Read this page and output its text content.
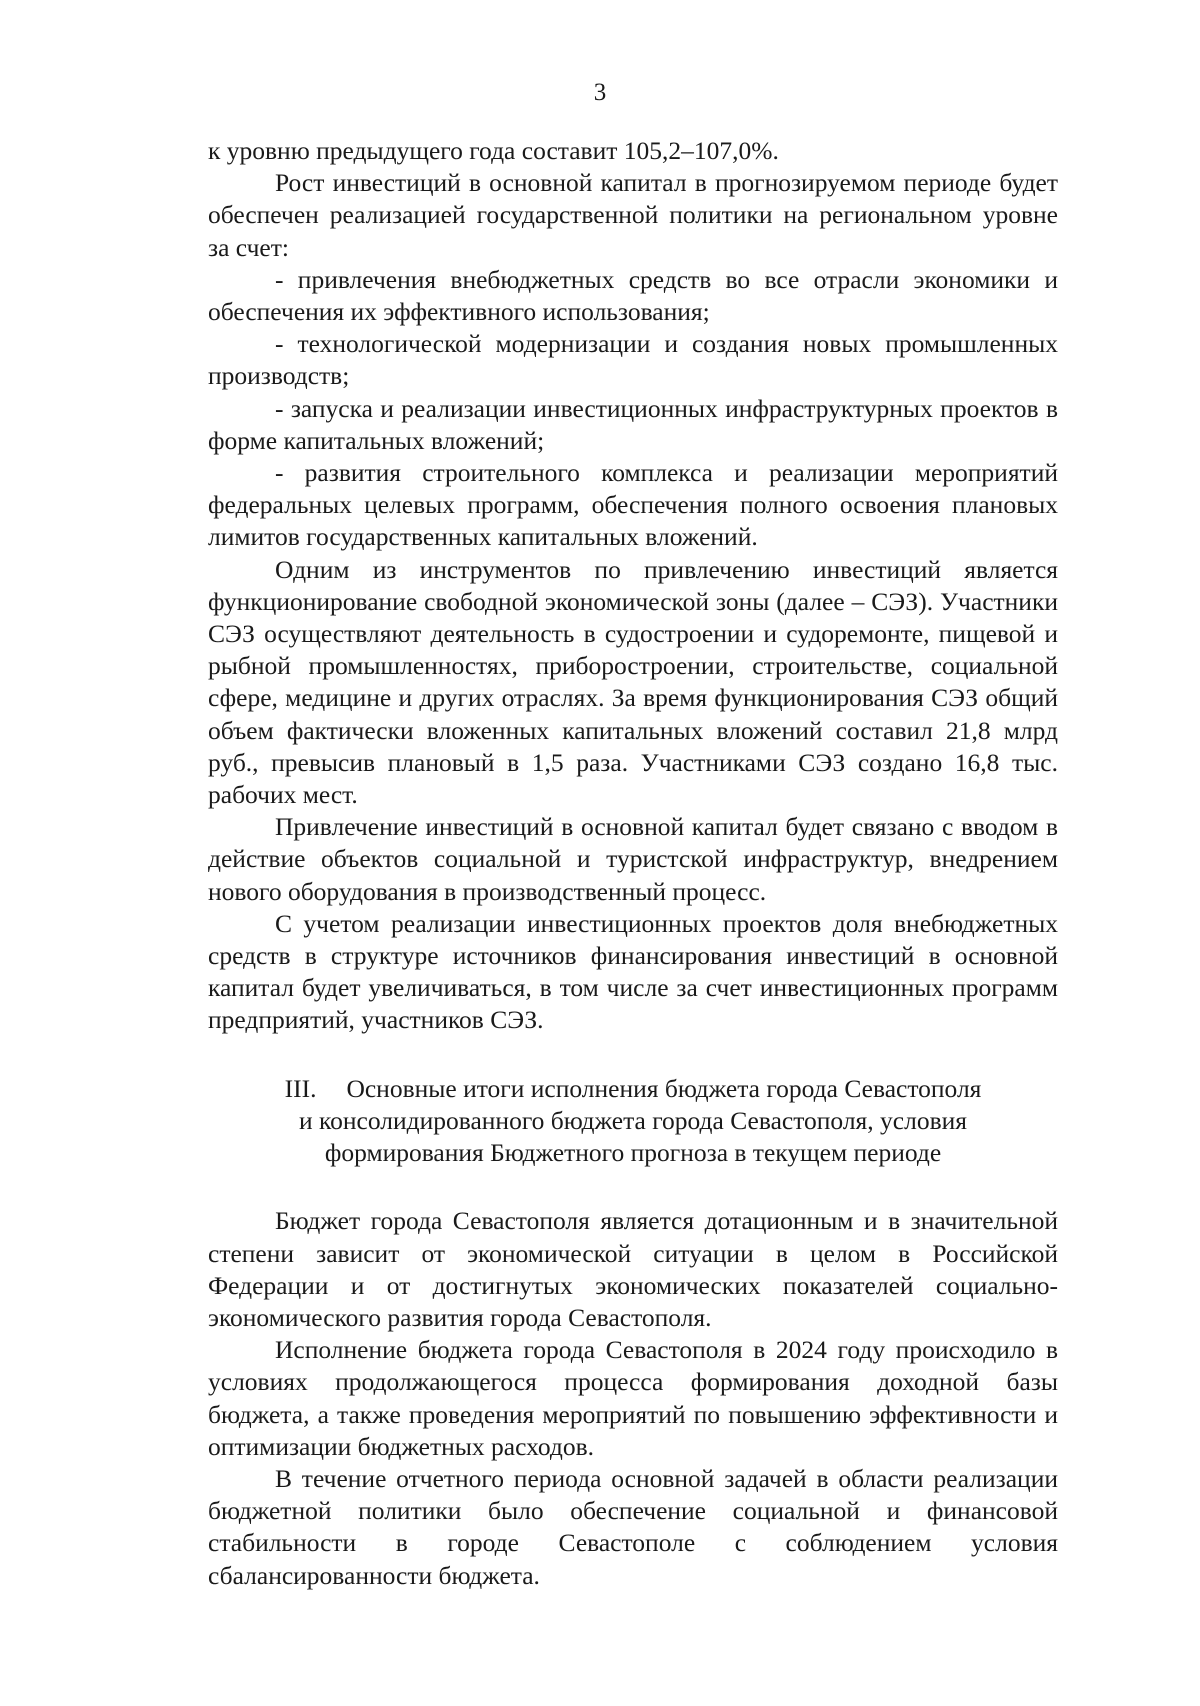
3

к уровню предыдущего года составит 105,2–107,0%.

Рост инвестиций в основной капитал в прогнозируемом периоде будет обеспечен реализацией государственной политики на региональном уровне за счет:

- привлечения внебюджетных средств во все отрасли экономики и обеспечения их эффективного использования;

- технологической модернизации и создания новых промышленных производств;

- запуска и реализации инвестиционных инфраструктурных проектов в форме капитальных вложений;

- развития строительного комплекса и реализации мероприятий федеральных целевых программ, обеспечения полного освоения плановых лимитов государственных капитальных вложений.

Одним из инструментов по привлечению инвестиций является функционирование свободной экономической зоны (далее – СЭЗ). Участники СЭЗ осуществляют деятельность в судостроении и судоремонте, пищевой и рыбной промышленностях, приборостроении, строительстве, социальной сфере, медицине и других отраслях. За время функционирования СЭЗ общий объем фактически вложенных капитальных вложений составил 21,8 млрд руб., превысив плановый в 1,5 раза. Участниками СЭЗ создано 16,8 тыс. рабочих мест.

Привлечение инвестиций в основной капитал будет связано с вводом в действие объектов социальной и туристской инфраструктур, внедрением нового оборудования в производственный процесс.

С учетом реализации инвестиционных проектов доля внебюджетных средств в структуре источников финансирования инвестиций в основной капитал будет увеличиваться, в том числе за счет инвестиционных программ предприятий, участников СЭЗ.

III. Основные итоги исполнения бюджета города Севастополя
и консолидированного бюджета города Севастополя, условия
формирования Бюджетного прогноза в текущем периоде

Бюджет города Севастополя является дотационным и в значительной степени зависит от экономической ситуации в целом в Российской Федерации и от достигнутых экономических показателей социально-экономического развития города Севастополя.

Исполнение бюджета города Севастополя в 2024 году происходило в условиях продолжающегося процесса формирования доходной базы бюджета, а также проведения мероприятий по повышению эффективности и оптимизации бюджетных расходов.

В течение отчетного периода основной задачей в области реализации бюджетной политики было обеспечение социальной и финансовой стабильности в городе Севастополе с соблюдением условия сбалансированности бюджета.
